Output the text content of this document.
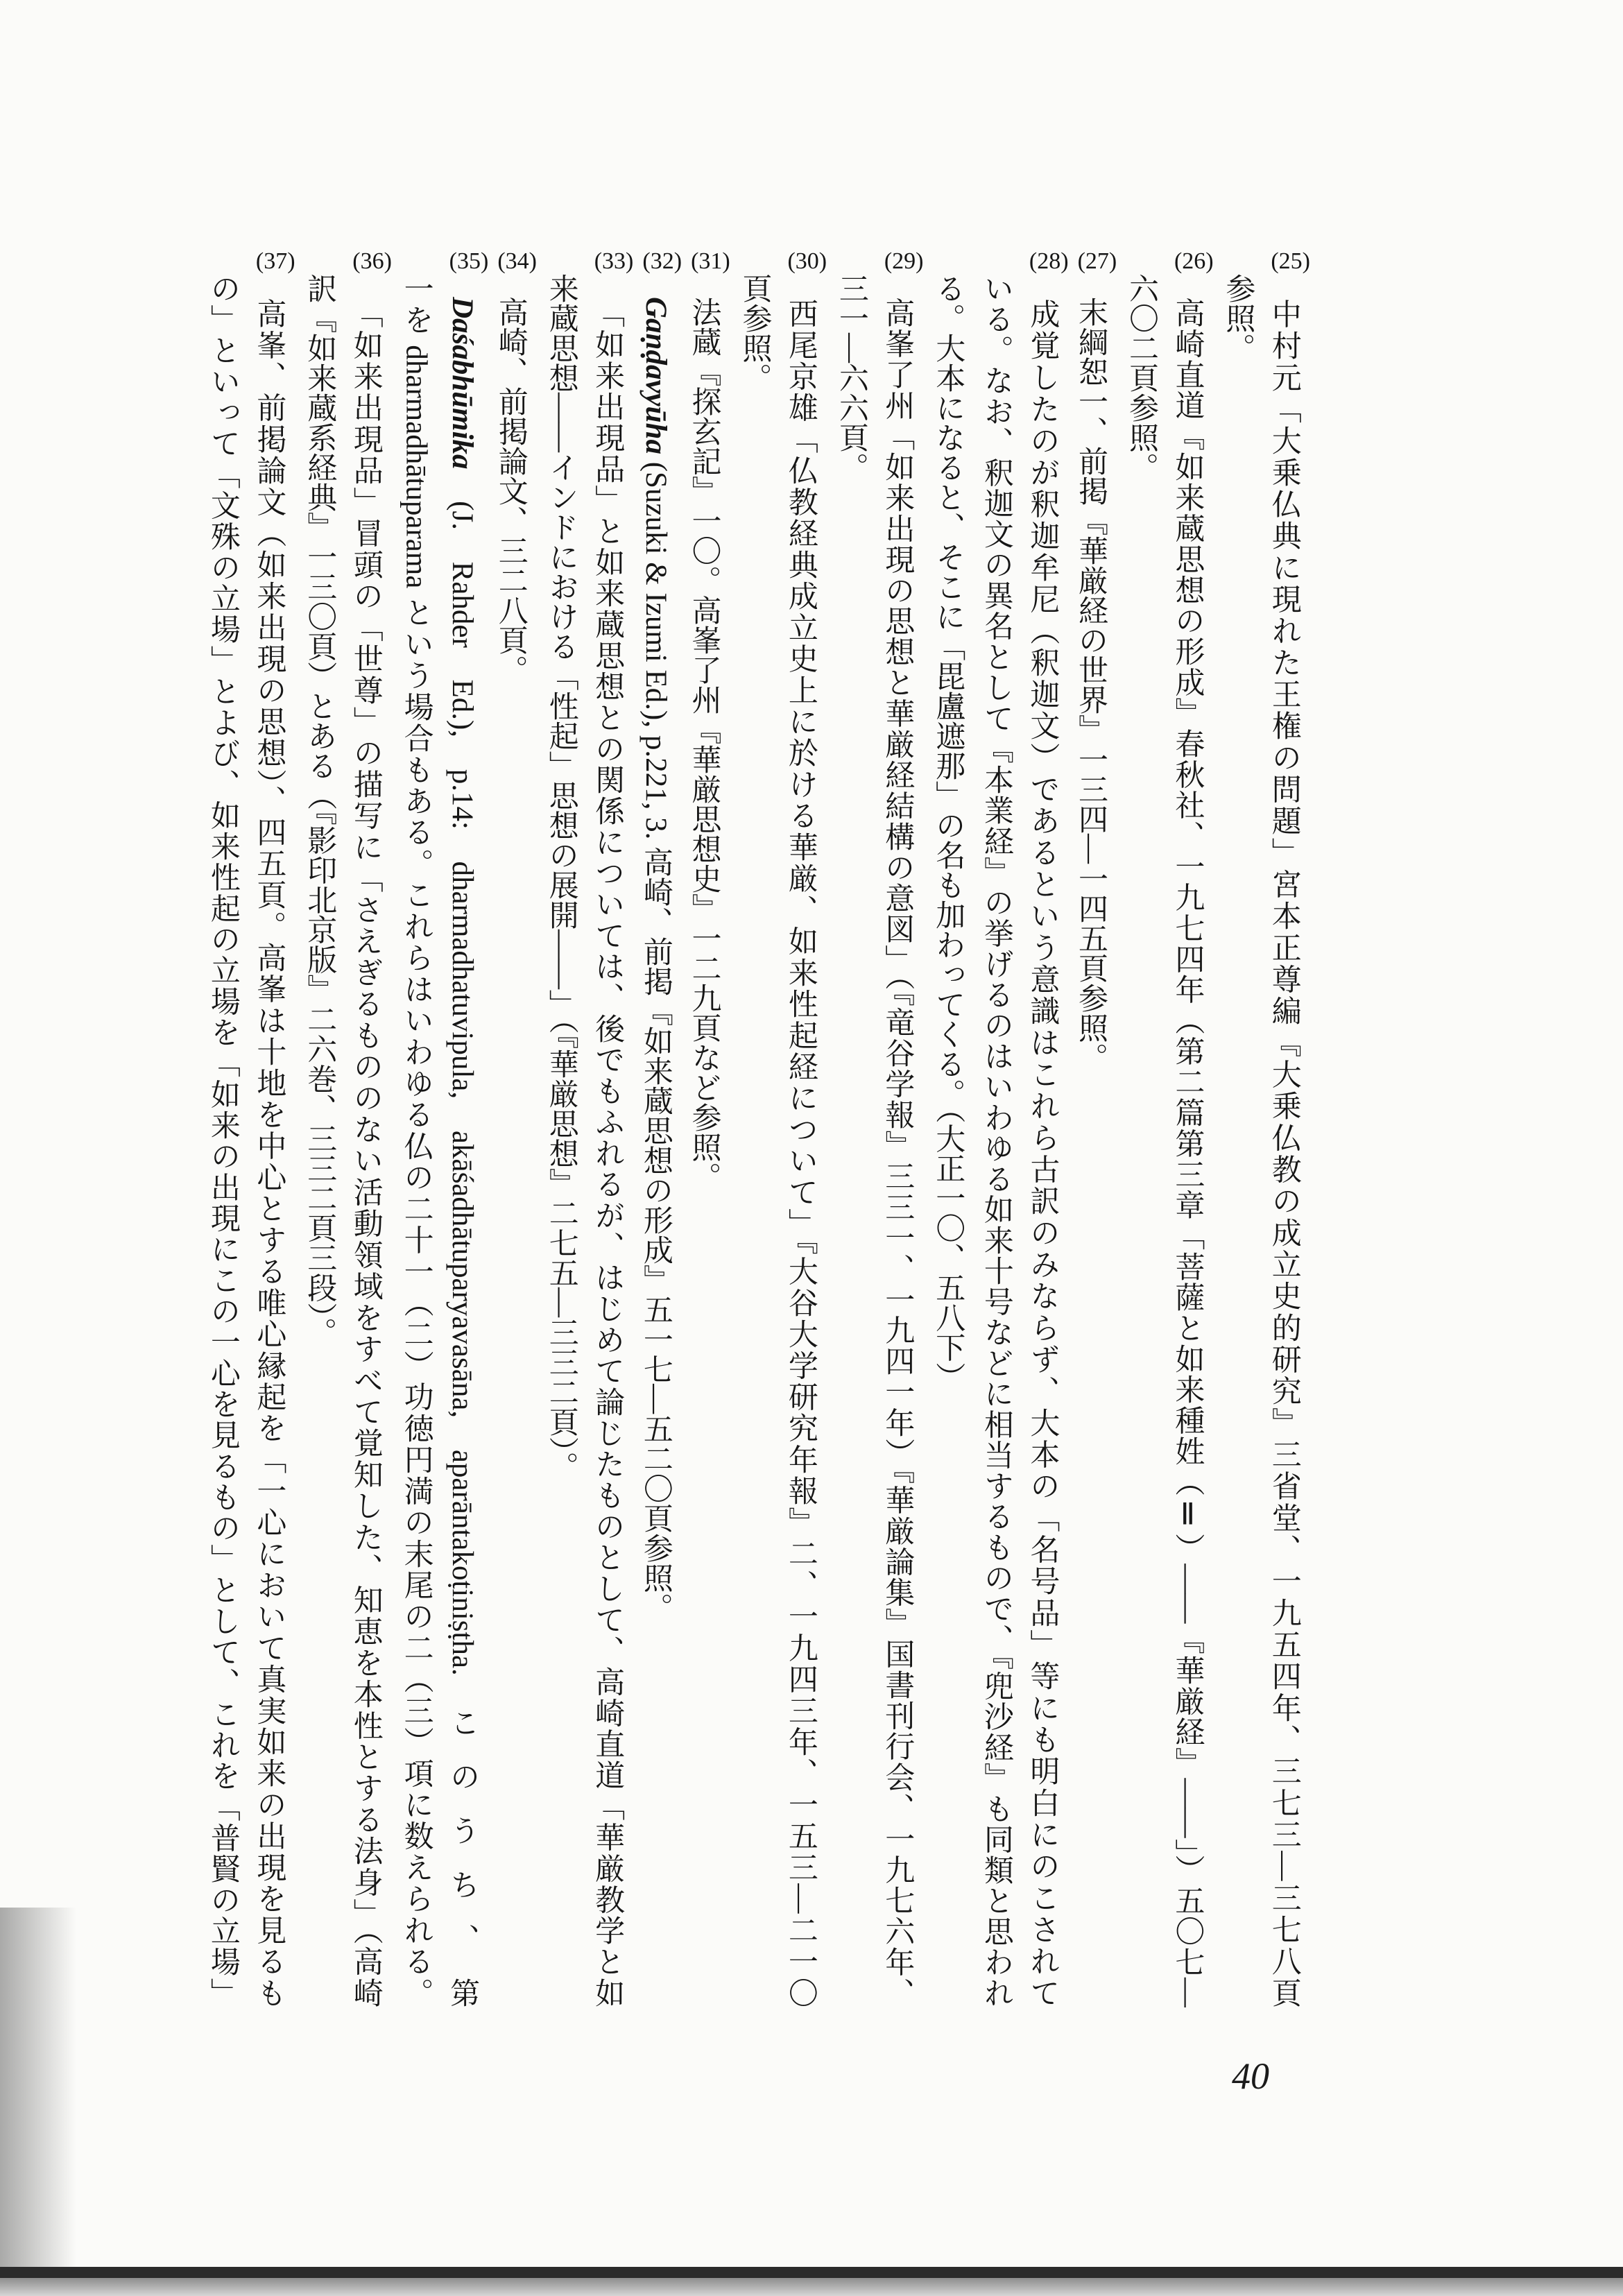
(25)中村元「大乗仏典に現れた王権の問題」宮本正尊編『大乗仏教の成立史的研究』三省堂、一九五四年、三七三―三七八頁
参照。
(26)高崎直道『如来蔵思想の形成』春秋社、一九七四年（第二篇第三章「菩薩と如来種姓（Ⅱ）――『華厳経』――」）五〇七―
六〇二頁参照。
(27)末綱恕一、前掲『華厳経の世界』一三四―一四五頁参照。
(28)成覚したのが釈迦牟尼（釈迦文）であるという意識はこれら古訳のみならず、大本の「名号品」等にも明白にのこされて
いる。なお、釈迦文の異名として『本業経』の挙げるのはいわゆる如来十号などに相当するもので、『兜沙経』も同類と思われ
る。大本になると、そこに「毘盧遮那」の名も加わってくる。（大正一〇、五八下）
(29)高峯了州「如来出現の思想と華厳経結構の意図」（『竜谷学報』三三一、一九四一年）『華厳論集』国書刊行会、一九七六年、
三一―六六頁。
(30)西尾京雄「仏教経典成立史上に於ける華厳、如来性起経について」『大谷大学研究年報』二、一九四三年、一五三―二一〇
頁参照。
(31)法蔵『探玄記』一〇。高峯了州『華厳思想史』一二九頁など参照。
(32)Gaṇḍavyūha (Suzuki & Izumi Ed.), p.221, 3. 高崎、前掲『如来蔵思想の形成』五一七―五二〇頁参照。
(33)「如来出現品」と如来蔵思想との関係については、後でもふれるが、はじめて論じたものとして、高崎直道「華厳教学と如
来蔵思想――インドにおける「性起」思想の展開――」（『華厳思想』二七五―三三二頁）。
(34)高崎、前掲論文、三二八頁。
(35)Daśabhūmika (J. Rahder Ed.), p.14: dharmadhatuvipula, akāśadhātuparyavasāna, aparāntakoṭiniṣṭha. このうち、第
一を dharmadhātuparama という場合もある。これらはいわゆる仏の二十一（二）功徳円満の末尾の二（三）項に数えられる。
(36)「如来出現品」冒頭の「世尊」の描写に「さえぎるもののない活動領域をすべて覚知した、知恵を本性とする法身」（高崎
訳『如来蔵系経典』一三〇頁）とある（『影印北京版』二六巻、三三二頁三段）。
(37)高峯、前掲論文（如来出現の思想）、四五頁。高峯は十地を中心とする唯心縁起を「一心において真実如来の出現を見るも
の」といって「文殊の立場」とよび、如来性起の立場を「如来の出現にこの一心を見るもの」として、これを「普賢の立場」
40
